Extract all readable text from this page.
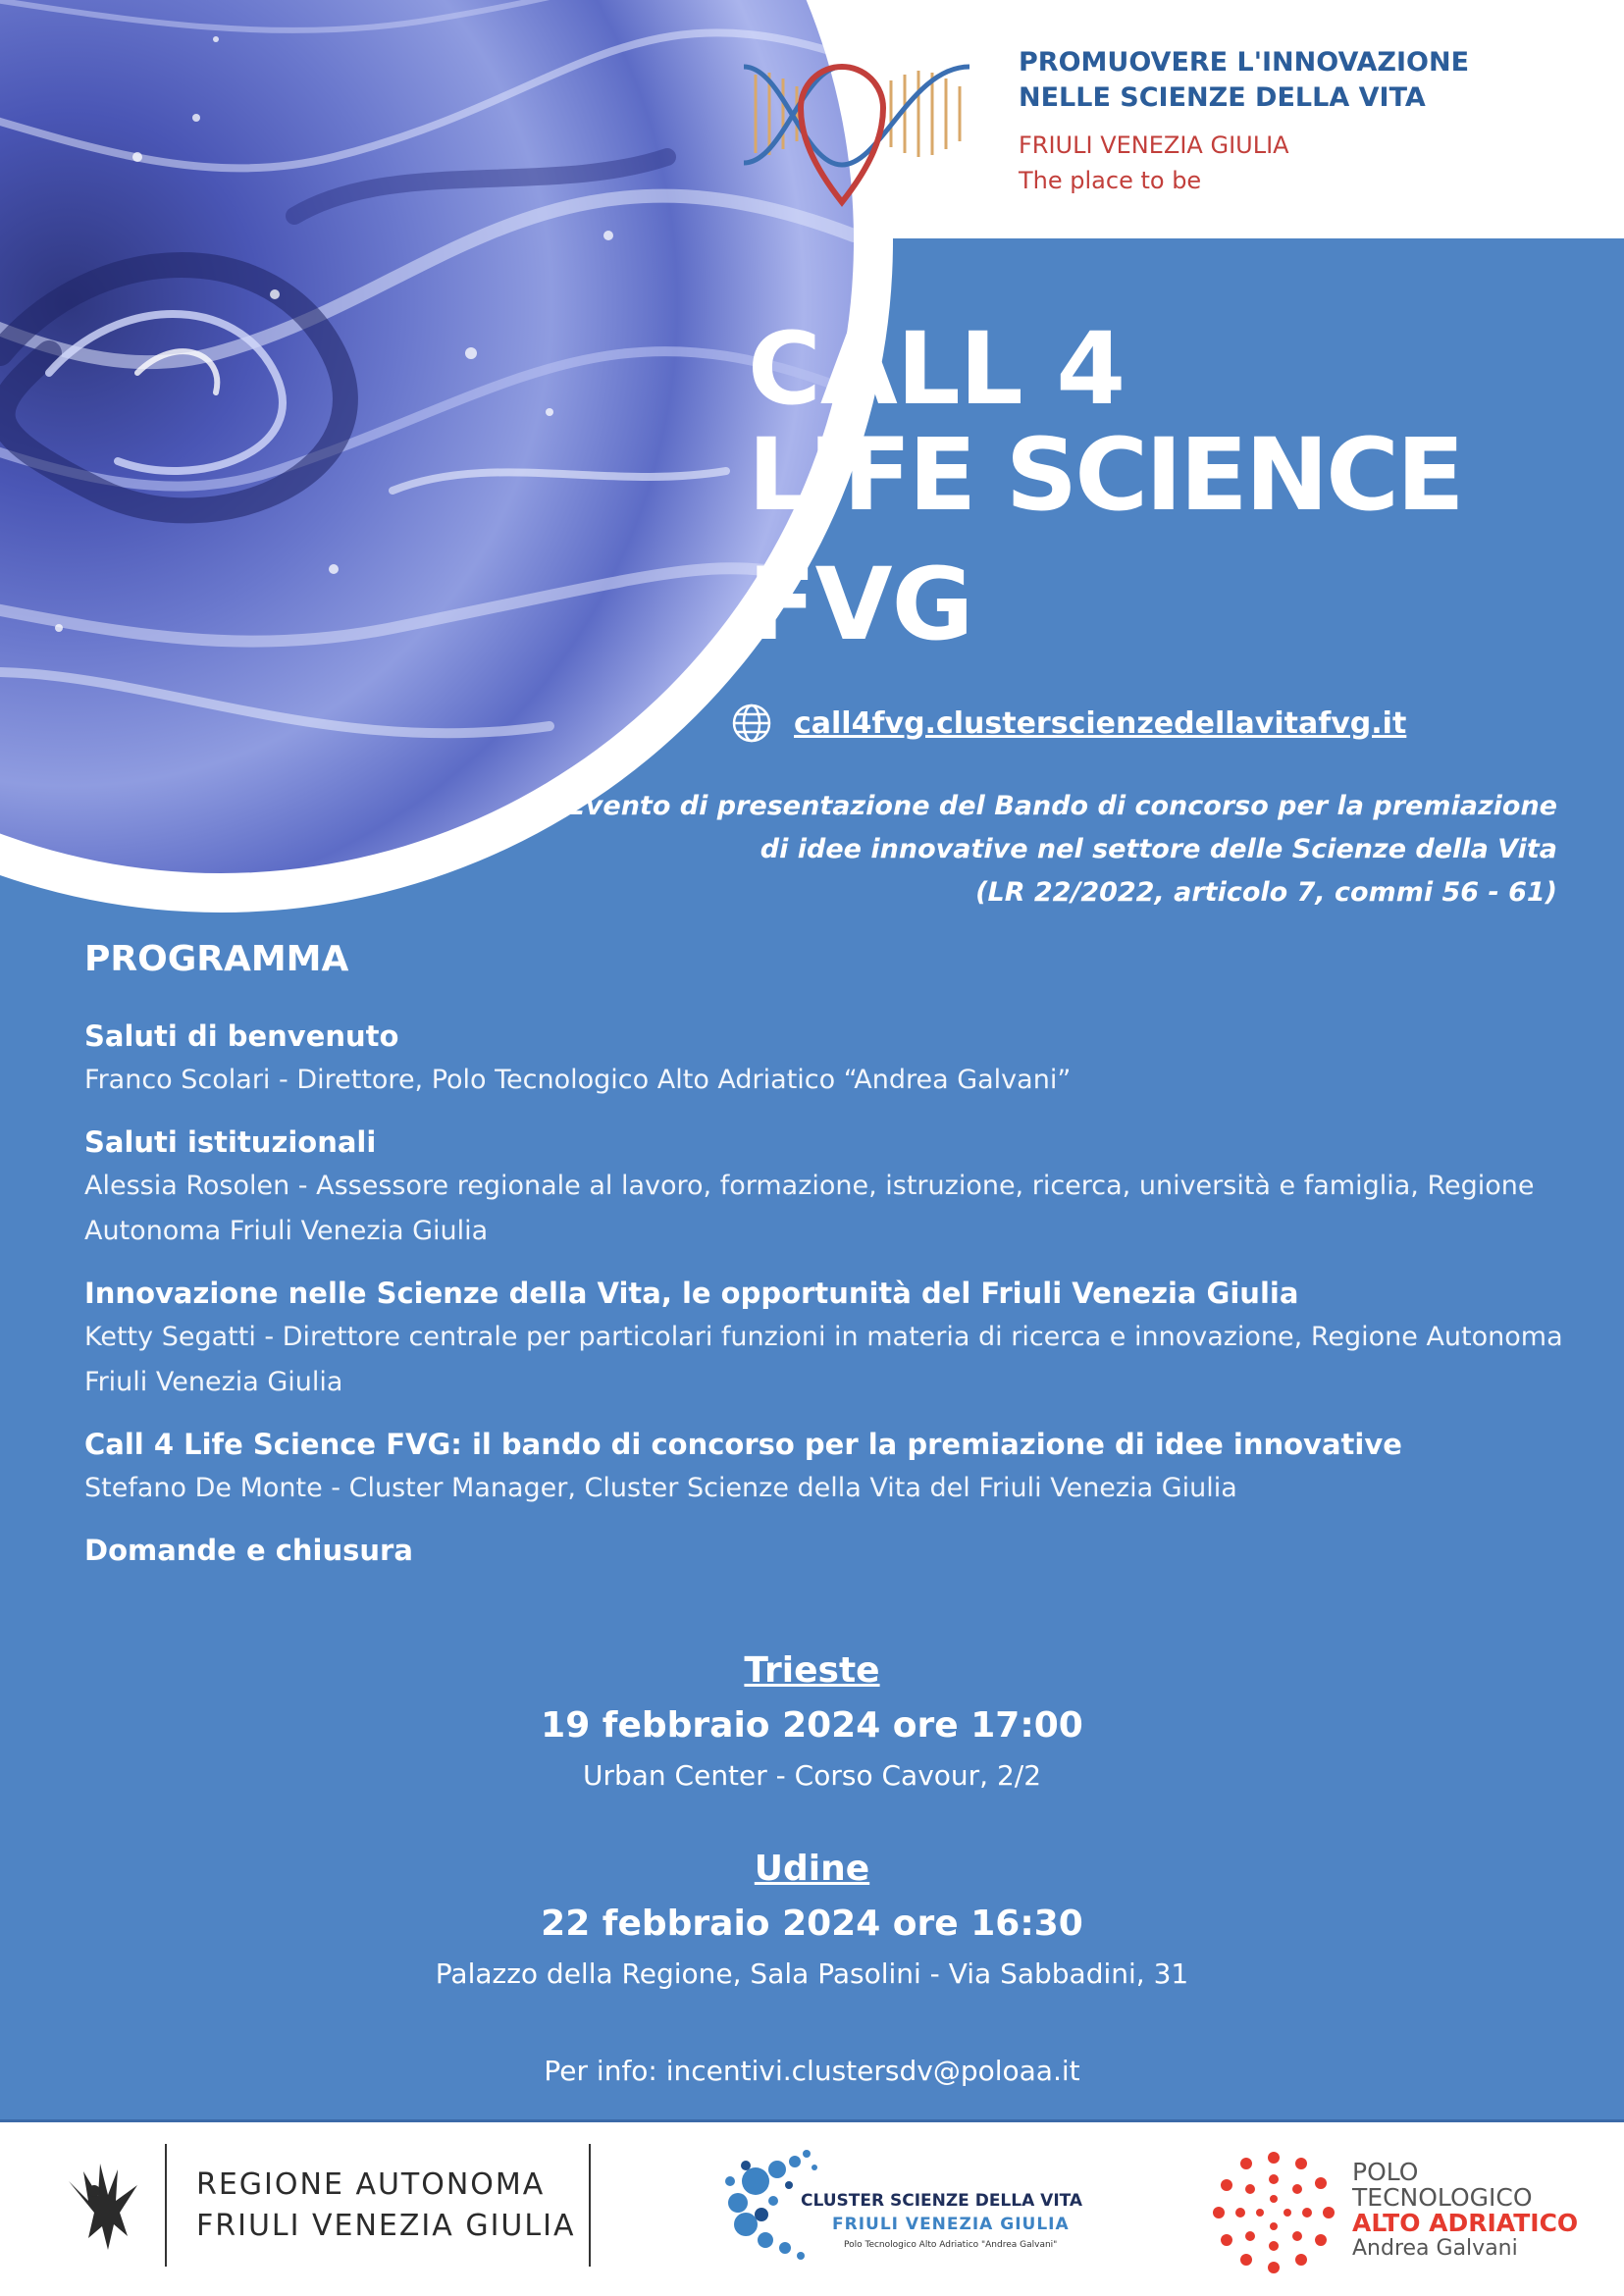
PROMUOVERE L'INNOVAZIONE
NELLE SCIENZE DELLA VITA
FRIULI VENEZIA GIULIA
The place to be
CALL 4
LIFE SCIENCE
FVG
call4fvg.clusterscienzedellavitafvg.it
Evento di presentazione del Bando di concorso per la premiazione
di idee innovative nel settore delle Scienze della Vita
(LR 22/2022, articolo 7, commi 56 - 61)
PROGRAMMA
Saluti di benvenuto
Franco Scolari - Direttore, Polo Tecnologico Alto Adriatico “Andrea Galvani”
Saluti istituzionali
Alessia Rosolen - Assessore regionale al lavoro, formazione, istruzione, ricerca, università e famiglia, Regione Autonoma Friuli Venezia Giulia
Innovazione nelle Scienze della Vita, le opportunità del Friuli Venezia Giulia
Ketty Segatti - Direttore centrale per particolari funzioni in materia di ricerca e innovazione, Regione Autonoma Friuli Venezia Giulia
Call 4 Life Science FVG: il bando di concorso per la premiazione di idee innovative
Stefano De Monte - Cluster Manager, Cluster Scienze della Vita del Friuli Venezia Giulia
Domande e chiusura
Trieste
19 febbraio 2024 ore 17:00
Urban Center - Corso Cavour, 2/2
Udine
22 febbraio 2024 ore 16:30
Palazzo della Regione, Sala Pasolini - Via Sabbadini, 31
Per info: incentivi.clustersdv@poloaa.it
REGIONE AUTONOMA
FRIULI VENEZIA GIULIA
CLUSTER SCIENZE DELLA VITA
FRIULI VENEZIA GIULIA
Polo Tecnologico Alto Adriatico "Andrea Galvani"
POLO
TECNOLOGICO
ALTO ADRIATICO
Andrea Galvani
